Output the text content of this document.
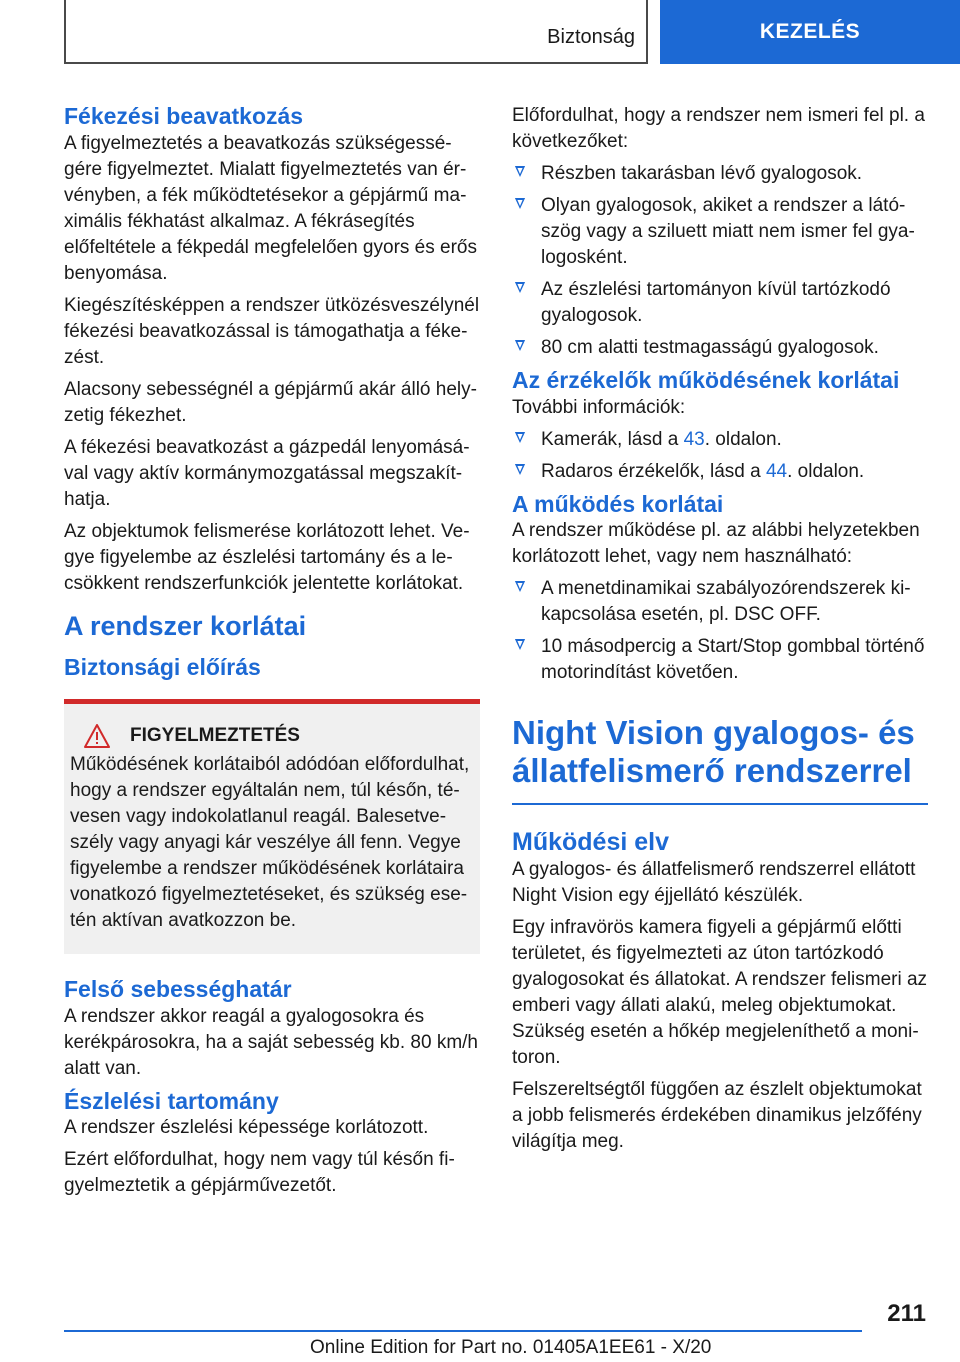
Biztonság	KEZELÉS
Fékezési beavatkozás

A figyelmeztetés a beavatkozás szükségességére figyelmeztet. Mialatt figyelmeztetés van érvényben, a fék működtetésekor a gépjármű maximális fékhatást alkalmaz. A fékrásegítés előfeltétele a fékpedál megfelelően gyors és erős benyomása.

Kiegészítésképpen a rendszer ütközésveszélynél fékezési beavatkozással is támogathatja a fékezést.

Alacsony sebességnél a gépjármű akár álló helyzetig fékezhet.

A fékezési beavatkozást a gázpedál lenyomásával vagy aktív kormánymozgatással megszakíthatja.

Az objektumok felismerése korlátozott lehet. Vegye figyelembe az észlelési tartomány és a lecsökkent rendszerfunkciók jelentette korlátokat.

A rendszer korlátai
Biztonsági előírás
FIGYELMEZTETÉS

Működésének korlátaiból adódóan előfordulhat, hogy a rendszer egyáltalán nem, túl későn, tévesen vagy indokolatlanul reagál. Balesetveszély vagy anyagi kár veszélye áll fenn. Vegye figyelembe a rendszer működésének korlátaira vonatkozó figyelmeztetéseket, és szükség esetén aktívan avatkozzon be.

Felső sebességhatár

A rendszer akkor reagál a gyalogosokra és kerékpárosokra, ha a saját sebesség kb. 80 km/h alatt van.

Észlelési tartomány

A rendszer észlelési képessége korlátozott.

Ezért előfordulhat, hogy nem vagy túl későn figyelmeztetik a gépjárművezetőt.

Előfordulhat, hogy a rendszer nem ismeri fel pl. a következőket:

Részben takarásban lévő gyalogosok.
Olyan gyalogosok, akiket a rendszer a látószög vagy a sziluett miatt nem ismer fel gyalogosként.
Az észlelési tartományon kívül tartózkodó gyalogosok.
80 cm alatti testmagasságú gyalogosok.
Az érzékelők működésének korlátai

További információk:

Kamerák, lásd a 43. oldalon.
Radaros érzékelők, lásd a 44. oldalon.
A működés korlátai

A rendszer működése pl. az alábbi helyzetekben korlátozott lehet, vagy nem használható:

A menetdinamikai szabályozórendszerek kikapcsolása esetén, pl. DSC OFF.
10 másodpercig a Start/Stop gombbal történő motorindítást követően.
Night Vision gyalogos- és állatfelismerő rendszerrel
Működési elv

A gyalogos- és állatfelismerő rendszerrel ellátott Night Vision egy éjjellátó készülék.

Egy infravörös kamera figyeli a gépjármű előtti területet, és figyelmezteti az úton tartózkodó gyalogosokat és állatokat. A rendszer felismeri az emberi vagy állati alakú, meleg objektumokat. Szükség esetén a hőkép megjeleníthető a monitoron.

Felszereltségtől függően az észlelt objektumokat a jobb felismerés érdekében dinamikus jelzőfény világítja meg.

211
Online Edition for Part no. 01405A1EE61 - X/20
